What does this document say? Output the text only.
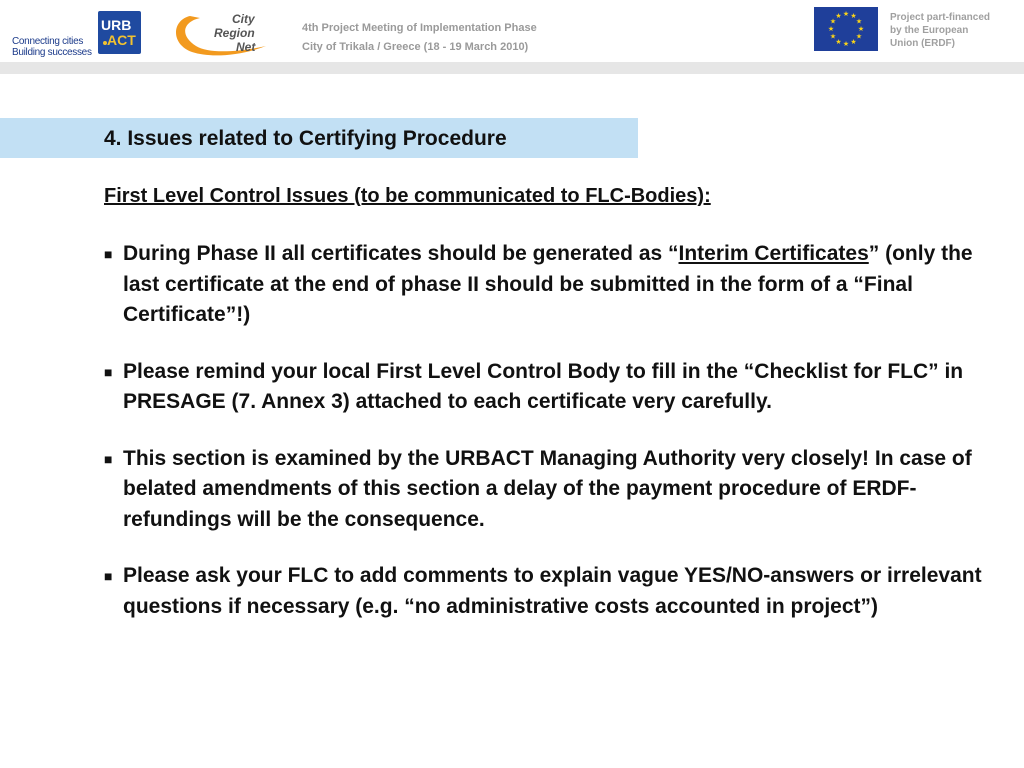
Connecting cities
Building successes
URB
ACT
City
Region
Net
4th Project Meeting of Implementation Phase
City of Trikala / Greece (18 - 19 March 2010)
★ ★
★
★
★
★
★
★
★
★
★
★	Project part-financed
by the European
Union (ERDF)
4. Issues related to Certifying Procedure
First Level Control Issues (to be communicated to FLC-Bodies):
■ During Phase II all certificates should be generated as “Interim Certificates” (only the last certificate at the end of phase II should be submitted in the form of a “Final Certificate”!)
■ Please remind your local First Level Control Body to fill in the “Checklist for FLC” in PRESAGE (7. Annex 3) attached to each certificate very carefully.
■ This section is examined by the URBACT Managing Authority very closely! In case of belated amendments of this section a delay of the payment procedure of ERDF-refundings will be the consequence.
■ Please ask your FLC to add comments to explain vague YES/NO-answers or irrelevant questions if necessary (e.g. “no administrative costs accounted in project”)
